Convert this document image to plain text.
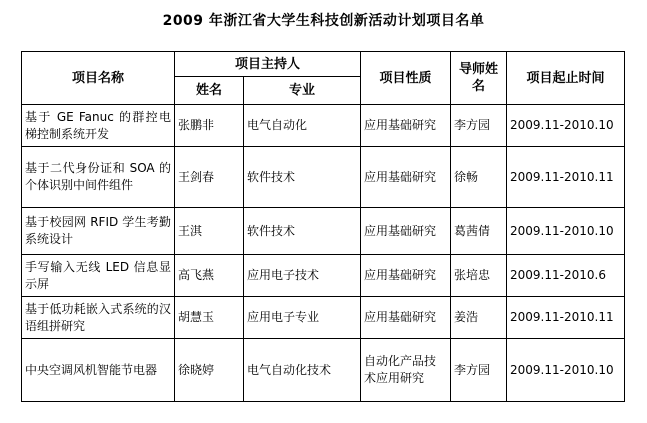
2009 年浙江省大学生科技创新活动计划项目名单
项目名称	项目主持人		项目性质	导师姓名	项目起止时间
	姓名	专业			
基于 GE Fanuc 的群控电梯控制系统开发	张鹏非	电气自动化	应用基础研究	李方园	2009.11-2010.10
基于二代身份证和 SOA 的个体识别中间件组件	王剑春	软件技术	应用基础研究	徐畅	2009.11-2010.11
基于校园网 RFID 学生考勤系统设计	王淇	软件技术	应用基础研究	葛茜倩	2009.11-2010.10
手写输入无线 LED 信息显示屏	高飞燕	应用电子技术	应用基础研究	张培忠	2009.11-2010.6
基于低功耗嵌入式系统的汉语组拼研究	胡慧玉	应用电子专业	应用基础研究	姜浩	2009.11-2010.11
中央空调风机智能节电器	徐晓婷	电气自动化技术	自动化产品技术应用研究	李方园	2009.11-2010.10
